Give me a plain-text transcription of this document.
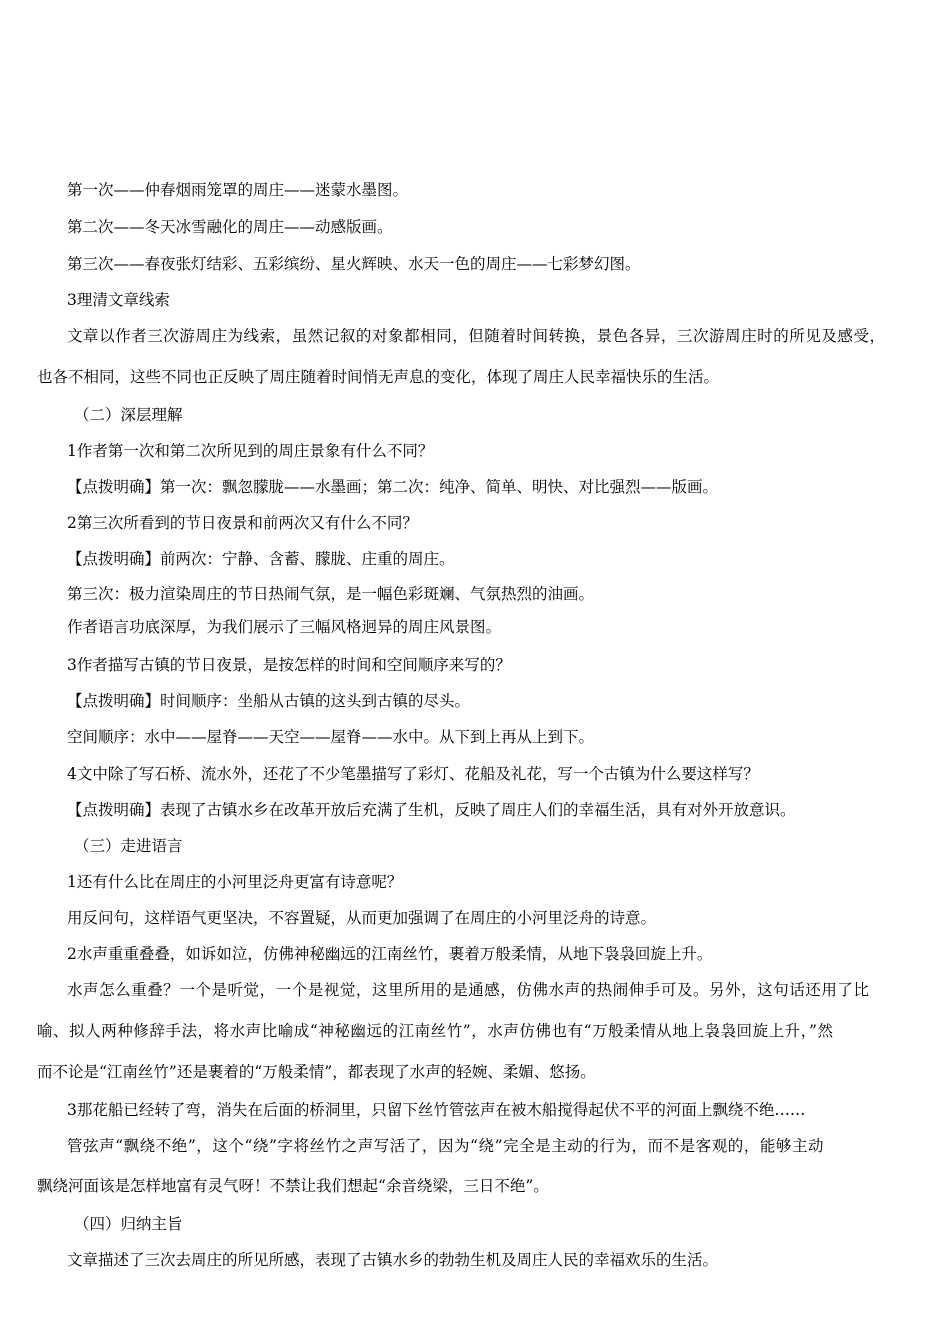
第一次——仲春烟雨笼罩的周庄——迷蒙水墨图。

第二次——冬天冰雪融化的周庄——动感版画。

第三次——春夜张灯结彩、五彩缤纷、星火辉映、水天一色的周庄——七彩梦幻图。

3理清文章线索

文章以作者三次游周庄为线索，虽然记叙的对象都相同，但随着时间转换，景色各异，三次游周庄时的所见及感受，

也各不相同，这些不同也正反映了周庄随着时间悄无声息的变化，体现了周庄人民幸福快乐的生活。

（二）深层理解

1作者第一次和第二次所见到的周庄景象有什么不同？

【点拨明确】第一次：飘忽朦胧——水墨画；第二次：纯净、简单、明快、对比强烈——版画。

2第三次所看到的节日夜景和前两次又有什么不同？

【点拨明确】前两次：宁静、含蓄、朦胧、庄重的周庄。

第三次：极力渲染周庄的节日热闹气氛，是一幅色彩斑斓、气氛热烈的油画。

作者语言功底深厚，为我们展示了三幅风格迥异的周庄风景图。

3作者描写古镇的节日夜景，是按怎样的时间和空间顺序来写的？

【点拨明确】时间顺序：坐船从古镇的这头到古镇的尽头。

空间顺序：水中——屋脊——天空——屋脊——水中。从下到上再从上到下。

4文中除了写石桥、流水外，还花了不少笔墨描写了彩灯、花船及礼花，写一个古镇为什么要这样写？

【点拨明确】表现了古镇水乡在改革开放后充满了生机，反映了周庄人们的幸福生活，具有对外开放意识。

（三）走进语言

1还有什么比在周庄的小河里泛舟更富有诗意呢？

用反问句，这样语气更坚决，不容置疑，从而更加强调了在周庄的小河里泛舟的诗意。

2水声重重叠叠，如诉如泣，仿佛神秘幽远的江南丝竹，裹着万般柔情，从地下袅袅回旋上升。

水声怎么重叠？一个是听觉，一个是视觉，这里所用的是通感，仿佛水声的热闹伸手可及。另外，这句话还用了比

喻、拟人两种修辞手法，将水声比喻成“神秘幽远的江南丝竹”，水声仿佛也有“万般柔情从地上袅袅回旋上升，”然

而不论是“江南丝竹”还是裹着的“万般柔情”，都表现了水声的轻婉、柔媚、悠扬。

3那花船已经转了弯，消失在后面的桥洞里，只留下丝竹管弦声在被木船搅得起伏不平的河面上飘绕不绝……

管弦声“飘绕不绝”，这个“绕”字将丝竹之声写活了，因为“绕”完全是主动的行为，而不是客观的，能够主动

飘绕河面该是怎样地富有灵气呀！不禁让我们想起“余音绕梁，三日不绝”。

（四）归纳主旨

文章描述了三次去周庄的所见所感，表现了古镇水乡的勃勃生机及周庄人民的幸福欢乐的生活。
